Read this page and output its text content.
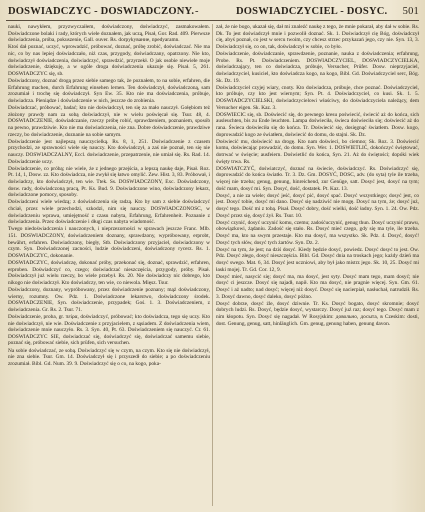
DOSWIADCZYC - DOSWIADCZONY. -	DOSWIADCZYCIEL - DOSYC. 501

nauki, nawykłem, przyzwyczaiłem, doświadczony, doświadczyć, zasmakowałem. Doświadczone bolaki i rady, których wiele doznałem, jak uczą, Pisał, Gor. Rad. 409. Pierwsze doświadczenia, próba, pokuszenie, Gall. ouver. Rs. dorpykyвaние, npedyaramn.

Ktoś dał poznać, uczyć, wprowadzić, próbować, doznać, próbę zrobić, doświadczać. Nie ma nic, co by nas lepiej doświadczało, niż czas, przygody, doświadczany, opatrzony. Nie kto, doświadczył doświadczenia, doświadczyć, sprawdzić, przyrzekł. O jak osobie niewiele moje doświadczenie, dziękuję, a w ogóle droga doświadczenia ukazuje się. Pisał. 5, 261. DOSWIADCZYC się, sb.

Doświadczony, doznać drogą przez siebie samego tak, że poznałem, to na sobie, erfahren, die Erfahrung machen, durch Erfahrung einsehen lernen. Ten doświadczył, doświadczoną, sam zrozumiał i trochę się doświadczył. Syn Ew. 35. Kto nie ma doświadczenia, próbuje, doświadcza. Pieniądze i doświadczenie w nich, jeszcze do zrobienia.

Doświadczać, próbować, badać; kto nie doświadczył, ten się za mało nauczył. Gołębiom też złożony prawdy nam za sobą doświadczył, nie w wielu poświęcał się. Tsur. 48, 4. DOSWIADCZENIE, doświadczanie, rzeczy próbę robić, sprawdzeniem, poznaniem, sposób na pewno, prawdziwie. Kto nie ma doświadczenia, nie zna. Dobre doświadczenie, prawdziwe rzeczy, bo doświadczenie, doznanie na sobie samym.

Doświadczenie jest najlepszą nauczycielką. Rs. 8, 1, 251. Doświadczenie z czasem przychodzi, ze sprawności wiele się nauczy. Kto doświadczył, a zaś nie poznał, ten się nie nauczy. DOSWIADCZALNY, Eccl. doświadczenie, przepatrzenie, nie umiał się. Rs. Rad. 14. Doświadczenie uczy.

Doświadczenie, co próbą; nie wiele, że z jednego przejścia, a lepszą naukę daje, Pisał. Roz. Pt. 14, 1, Dosw. zz. Kto doświadcza, nie zwykł się łatwo omylić. Zew. Hist. 3, 83. Próbował, i doświadczy, kto doświadczył, ten wie. Ttek. Ss. DOSWIADCZONY, Exc. Doświadczony, dosw. rady, doświadczoną pracą, Pt. Ks. Bud. 9. Doświadczone wino, doświadczony lekarz, doświadczone pomocy, sposoby.

Doświadczeni wiele wiedzą; z doświadczenia się radzą. Kto by sam z siebie doświadczyć chciał, przez wiele przechodzi, szkodzi, nim się nauczy. DOSWIADCZONOSC, w doświadczeniu wprawa, umiejętność z czasu nabyta, Erfahrung, Erfahrenheit. Poznanie z doświadczenia. Przez doświadczenie i długi czas nabyta wiadomość.

Twego niedoświadczenia i nauczonych, i nieprzezorności w sprawach jeszcze Franc. Mlb. 151. DOSWIADCZONY, doświadczeniem doznany, sprawdzony, wypróbowany, erprobt, bewährt, erfahren. Doświadczony, biegły, Stb. Doświadczony przyjaciel, doświadczony w czym. Syn. Doświadczonej zacności, ludzie doświadczeni, doświadczony rycerz. Rs. 1. DOSWIADCZYC, dokonanie.

DOSWIADCZYC, doświadczę, dokonać próby, przekonać się, doznać, sprawdzić, erfahren, erproben. Doświadczyć co, czego; doświadczać nieszczęścia, przygody, próby. Pisał. Doświadczył już wielu rzeczy, bo wiele przebył. Rs. 20. Nie doświadczy nic dobrego, kto nikogo nie doświadczył. Kto doświadczy, ten wie, co niewola. Mięsz. Tsur.

Doświadczony, doznany, wypróbowany, przez doświadczenie poznany; mąż doświadczony, wierny, rozumny. Ow. Pdz. 1. Doświadczone lekarstwo, doświadczony środek. DOSWIADCZENIE, Syn. doświadczenie, przypadek; Goś. 1. 3. Doświadczeniem, z doświadczenia. Gr. Rs. 2. Tsur. 71.

Doświadczenie, proba, gr. πείρα, doświadczyć, próbować; kto doświadcza, tego się uczy. Kto nie doświadczył, nie wie. Doświadczenie z przyjacielem, z sąsiadem. Z doświadczenia wiem, doświadczenie mnie nauczyło. Rs. 3. Syn. 40, Pt. 63. Doświadczeniem się nauczyć. Cr. 61. DOSWIADCZYC SIE, doświadczać się, doświadczyć się, doświadczać samemu siebie, poznać się, próbować siebie, sich prüfen, sich versuchen.

Na sobie doświadczać, ze sobą. Doświadczyć się w czym, na czym. Kto się nie doświadczył, nie zna siebie. Tsur. Gm. 14. Doświadczył się i przyszedł do siebie; a po doświadczeniu zrozumiał. Bibl. Gd. Num. 39. 9. Doświadczyć się o co, na kogo, poka-

zał, że nie bogo, ukazał się, dał mi znaleźć naukę z tego, że mnie pokarał, aby dał w sobie. Rs. Dk. To jest doświadczył mnie i pozwolił doznać. Sk. 1. Doświadczył cię Bóg, doświadczył cię, abyś poznał, co jest w sercu twoim, czy chcesz strzec przykazań jego, czy nie. Syn. 13, 3. Doświadczył się, co on, tak, doświadczył w sobie, co było.

Doświadczenie, doświadczanie, sprawdzenie, poznanie, nauka z doświadczenia; erfahrung, Probe. Rs. Pt. Doświadczeniem. DOSWIADCZYCIEL, DOSWIADCZYCIELKA, doświadczający, ten co doświadcza, próbuje, Versucher, Prüfer. Dosw. nieprzyjaciel, doświadczyciel, kusiciel, kto doświadcza kogo, na kogo, Bibl. Gd. Doświadczyciel serc, Bóg. Sk. Dz. 19.

Doświadczyciel czyjej wiary, cnoty. Kto doświadcza, próbuje, chce poznać. Doświadczyciel, kto próbuje, czy kto jest wiernym; Syn. Pt. 4. Doświadczyciel, co kusi. Sk. 1. 5. DOSWIADCZYCIELSKI, doświadczycielowi właściwy, do doświadczyciela należący, dem Versucher eigen. Sk. Kaz. 3.

DOSWIECIC się, sb. Doświecić się, do pewnego kresu poświecić, świecić aż do końca, sich ausleuchten, bis zu Ende leuchten. Lampa doświeciła, świeca doświeciła się; doświecić aż do rana. Świeca doświeciła się do końca. Tr. Doświecić się, dosięgnąć światłem. Dosw. kogo, doprowadzić kogo ze światłem, doświecić do domu, do stajni. Sk. Dz.

Doświecić mu, doświecić na drogę. Kto nam doświeci, bo ciemno; Sk. Roz. 3. Doświecić komu, doświecając prowadzić, do domu. Syn. Wer. 1. DOSWIETLIĆ, dokończyć świętować, dotrwać w święcie; ausfeiern. Doświetlić do końca, Syn. 21. Aż do świętości; dopóki wiek święty trwa. Rs.

DOSWIATCZYĆ, doświatczyć, doznać na świecie, doświadczyć. Rs. Doświadczyć się, doprowadzić do końca światło. Tr. 3. Dz. Gm. DOSYĆ, DOSC, adv. (do syta) tyle ile trzeba, więcej nie trzeba; genug, genung, hinreichend, zur Genüge, satt. Dosyć jest, dosyć na tym; dość mam, dosyć mi. Syn. Dosyć, dość, dostatek. Pt. Kaz. 13.

Dosyć, a nie za wiele; dosyć jeść, dosyć pić, dosyć spać. Dosyć wszystkiego; dosyć jest, co jest. Dosyć tobie, dosyć mi dano. Dosyć się nadziwić nie mogę. Dosyć na tym, że; dosyć już, dosyć tego. Dość mi z tobą. Pisał. Dosyć dobry, dość wielki, dość ładny. Syn. 1. 24. Ow. Pdz. Dosyć przez się, dosyć żył. Rs. Tsur. 10.

Dosyć czynić, dosyć uczynić komu, czemu; zadośćuczynić, genug thun. Dosyć uczynić prawu, obowiązkowi, żądaniu. Zadość się stało. Rs. Dosyć mieć czego, gdy się ma tyle, ile trzeba. Dosyć ma, kto na swym przestaje. Kto ma dosyć, ma wszystko. Sk. Pdz. 4. Dosyć, dosyć! Dosyć tych słów, dosyć tych żartów. Syn. Dz. 2.

Dosyć na tym, że jest; na dziś dosyć. Kiedy będzie dosyć, powiedz. Dosyć dosyć to jest. Ow. Pdz. Dosyć złego, dosyć nieszczęścia. Bibl. Gd. Dosyć dnia na troskach jego; każdy dzień ma dosyć swego. Mat. 6, 34. Dosyć jest uczniowi, aby był jako mistrz jego. Sk. 10, 25. Dosyć mi łaski mojej. Tr. Gd. Cor. 12, 9.

Dosyć mieć, nasycić się; dosyć ma, ma dosyć, jest syty. Dosyć mam tego, mam dosyć; nie dosyć ci jeszcze. Dosyć się najadł, napił. Kto ma dosyć, nie pragnie więcej. Syn. Gm. 61. Dosyć i aż nadto; nad dosyć; więcej niż dosyć. Dosyć się nacierpiał, nasłuchał, natrudził. Rs. 3. Dosyć dawno, dosyć daleko, dosyć późno.

Dosyć dobrze, dosyć źle, dosyć dziwnie. Tr. Ks. Dosyć bogato, dosyć skromnie; dosyć dobrych ludzi. Rs. Dosyć, będzie dosyć, wystarczy. Dosyć już raz; dosyć tego. Dosyć mam z nim kłopotu. Syn. Dosyć się nagadał. W Rosyjskim: довольно, досыта, в Czeskim: dosti, dost. Genung, genug, satt, hinlänglich. Gm. genug, genung haben, genung davon.
